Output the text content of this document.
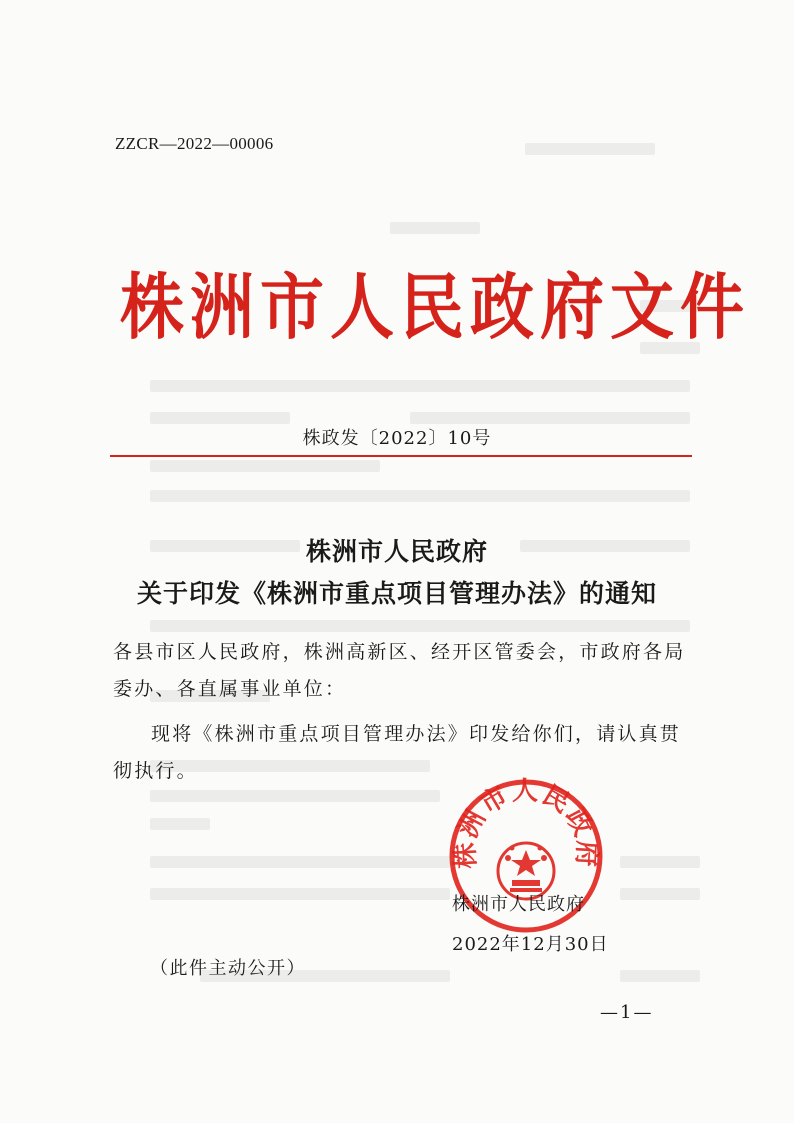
ZZCR—2022—00006
株洲市人民政府文件
株政发〔2022〕10号
株洲市人民政府
关于印发《株洲市重点项目管理办法》的通知
各县市区人民政府，株洲高新区、经开区管委会，市政府各局委办、各直属事业单位：
现将《株洲市重点项目管理办法》印发给你们，请认真贯彻执行。
株洲市人民政府
株洲市人民政府
2022年12月30日
（此件主动公开）
—1—
